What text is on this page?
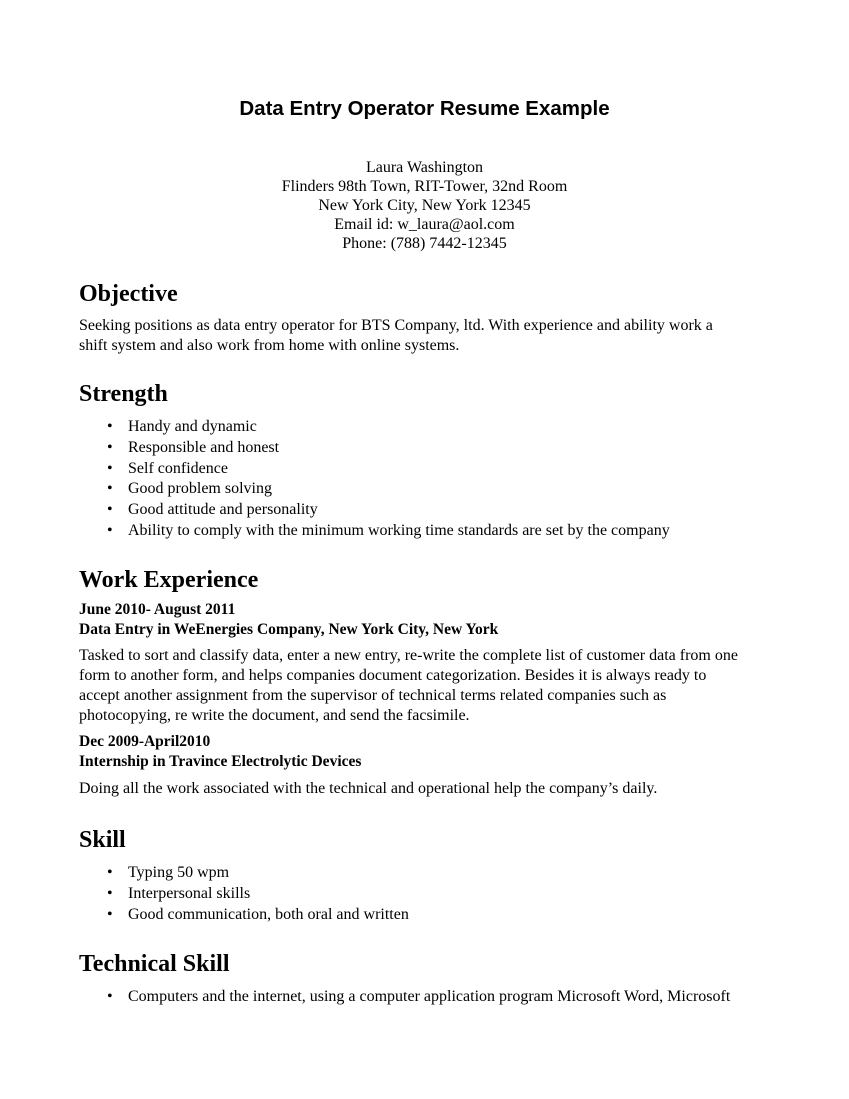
Data Entry Operator Resume Example
Laura Washington
Flinders 98th Town, RIT-Tower, 32nd Room
New York City, New York 12345
Email id: w_laura@aol.com
Phone: (788) 7442-12345
Objective

Seeking positions as data entry operator for BTS Company, ltd. With experience and ability work a

shift system and also work from home with online systems.

Strength
• Handy and dynamic
• Responsible and honest
• Self confidence
• Good problem solving
• Good attitude and personality
• Ability to comply with the minimum working time standards are set by the company
Work Experience

June 2010- August 2011

Data Entry in WeEnergies Company, New York City, New York

Tasked to sort and classify data, enter a new entry, re-write the complete list of customer data from one

form to another form, and helps companies document categorization. Besides it is always ready to

accept another assignment from the supervisor of technical terms related companies such as

photocopying, re write the document, and send the facsimile.

Dec 2009-April2010

Internship in Travince Electrolytic Devices

Doing all the work associated with the technical and operational help the company’s daily.

Skill
• Typing 50 wpm
• Interpersonal skills
• Good communication, both oral and written
Technical Skill
• Computers and the internet, using a computer application program Microsoft Word, Microsoft
